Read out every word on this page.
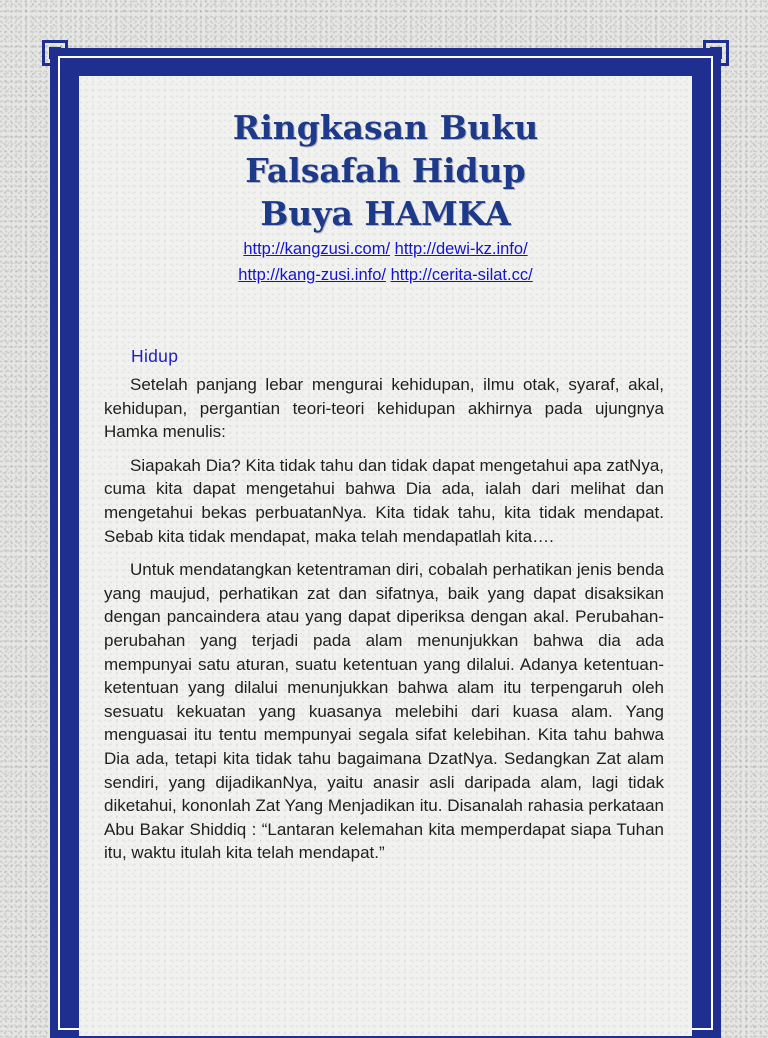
Ringkasan Buku
Falsafah Hidup
Buya HAMKA
http://kangzusi.com/ http://dewi-kz.info/
http://kang-zusi.info/ http://cerita-silat.cc/
Hidup

Setelah panjang lebar mengurai kehidupan, ilmu otak, syaraf, akal, kehidupan, pergantian teori-teori kehidupan akhirnya pada ujungnya Hamka menulis:

Siapakah Dia? Kita tidak tahu dan tidak dapat mengetahui apa zatNya, cuma kita dapat mengetahui bahwa Dia ada, ialah dari melihat dan mengetahui bekas perbuatanNya. Kita tidak tahu, kita tidak mendapat. Sebab kita tidak mendapat, maka telah mendapatlah kita….

Untuk mendatangkan ketentraman diri, cobalah perhatikan jenis benda yang maujud, perhatikan zat dan sifatnya, baik yang dapat disaksikan dengan pancaindera atau yang dapat diperiksa dengan akal. Perubahan-perubahan yang terjadi pada alam menunjukkan bahwa dia ada mempunyai satu aturan, suatu ketentuan yang dilalui. Adanya ketentuan-ketentuan yang dilalui menunjukkan bahwa alam itu terpengaruh oleh sesuatu kekuatan yang kuasanya melebihi dari kuasa alam. Yang menguasai itu tentu mempunyai segala sifat kelebihan. Kita tahu bahwa Dia ada, tetapi kita tidak tahu bagaimana DzatNya. Sedangkan Zat alam sendiri, yang dijadikanNya, yaitu anasir asli daripada alam, lagi tidak diketahui, kononlah Zat Yang Menjadikan itu. Disanalah rahasia perkataan Abu Bakar Shiddiq : “Lantaran kelemahan kita memperdapat siapa Tuhan itu, waktu itulah kita telah mendapat.”
